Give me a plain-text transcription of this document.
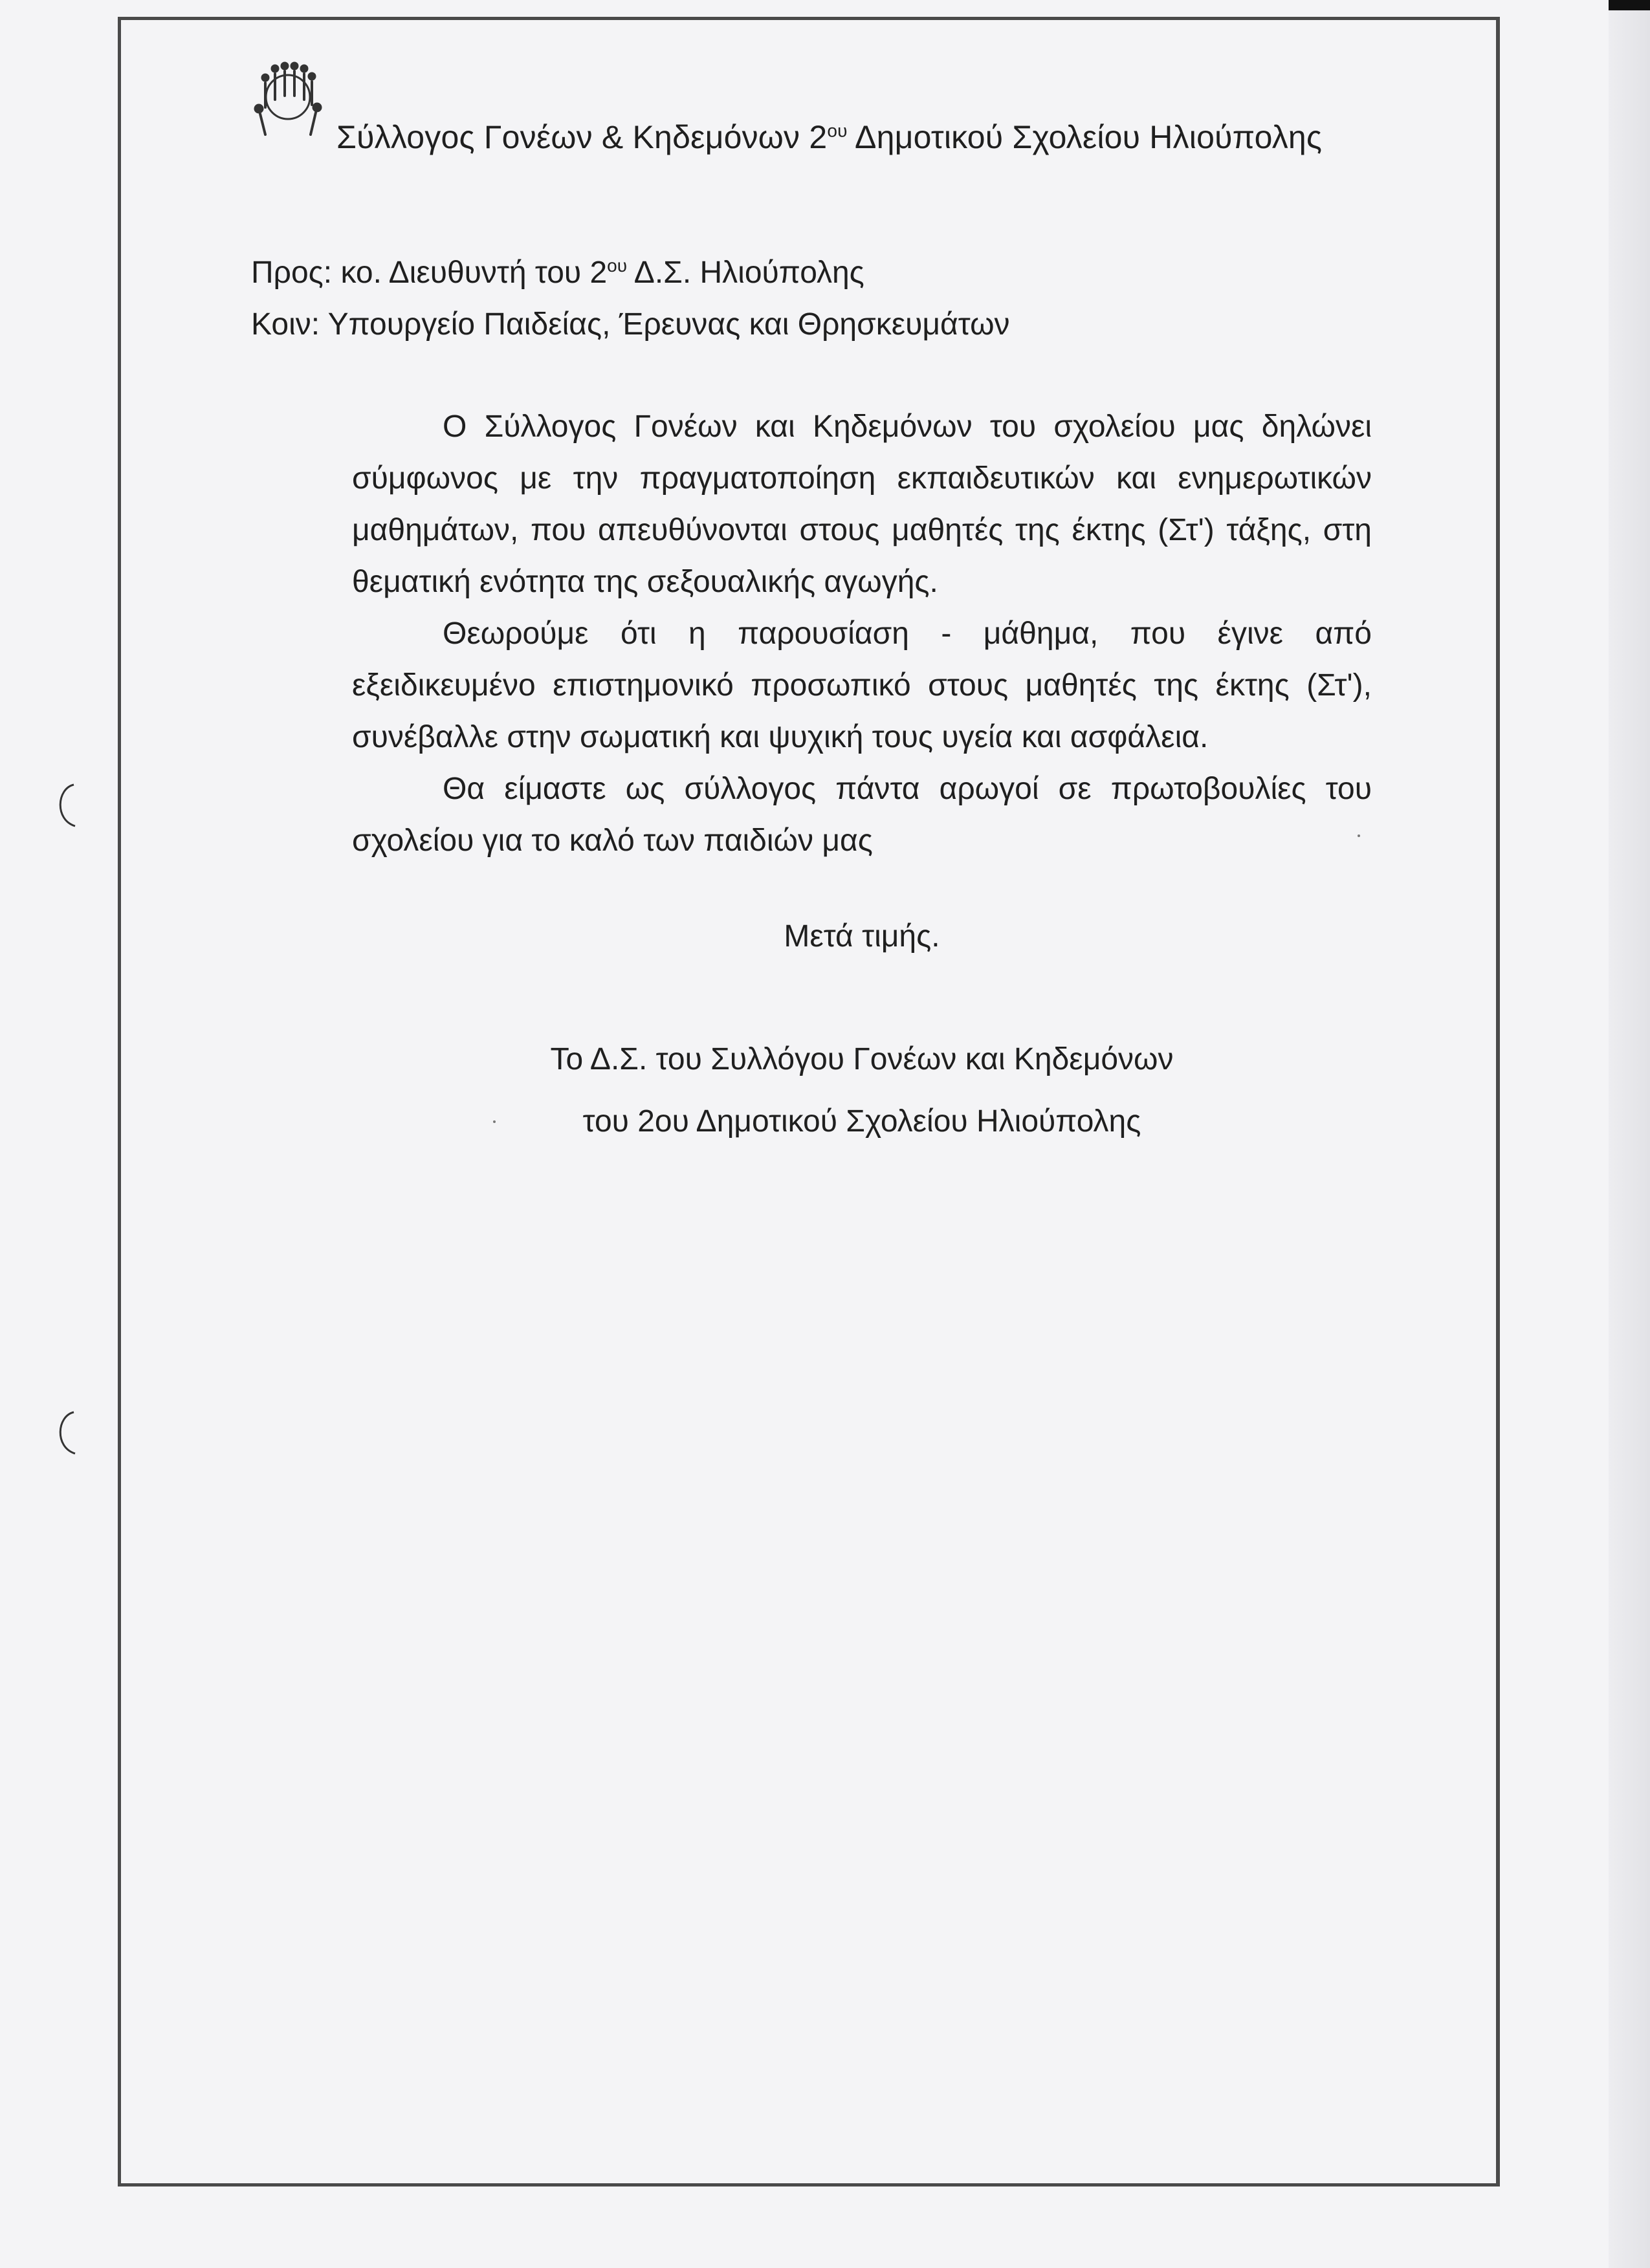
Σύλλογος Γονέων & Κηδεμόνων $2^{o\upsilon}$ Δημοτικού Σχολείου Ηλιούπολης
Προς: κο. Διευθυντή του $2^{o\upsilon}$ Δ.Σ. Ηλιούπολης
Κοιν: Υπουργείο Παιδείας, Έρευνας και Θρησκευμάτων

Ο Σύλλογος Γονέων και Κηδεμόνων του σχολείου μας δηλώνει σύμφωνος με την πραγματοποίηση εκπαιδευτικών και ενημερωτικών μαθημάτων, που απευθύνονται στους μαθητές της έκτης (Στ') τάξης, στη θεματική ενότητα της σεξουαλικής αγωγής.

Θεωρούμε ότι η παρουσίαση - μάθημα, που έγινε από εξειδικευμένο επιστημονικό προσωπικό στους μαθητές της έκτης (Στ'), συνέβαλλε στην σωματική και ψυχική τους υγεία και ασφάλεια.

Θα είμαστε ως σύλλογος πάντα αρωγοί σε πρωτοβουλίες του σχολείου για το καλό των παιδιών μας

Μετά τιμής.
Το Δ.Σ. του Συλλόγου Γονέων και Κηδεμόνων
του 2ου Δημοτικού Σχολείου Ηλιούπολης
